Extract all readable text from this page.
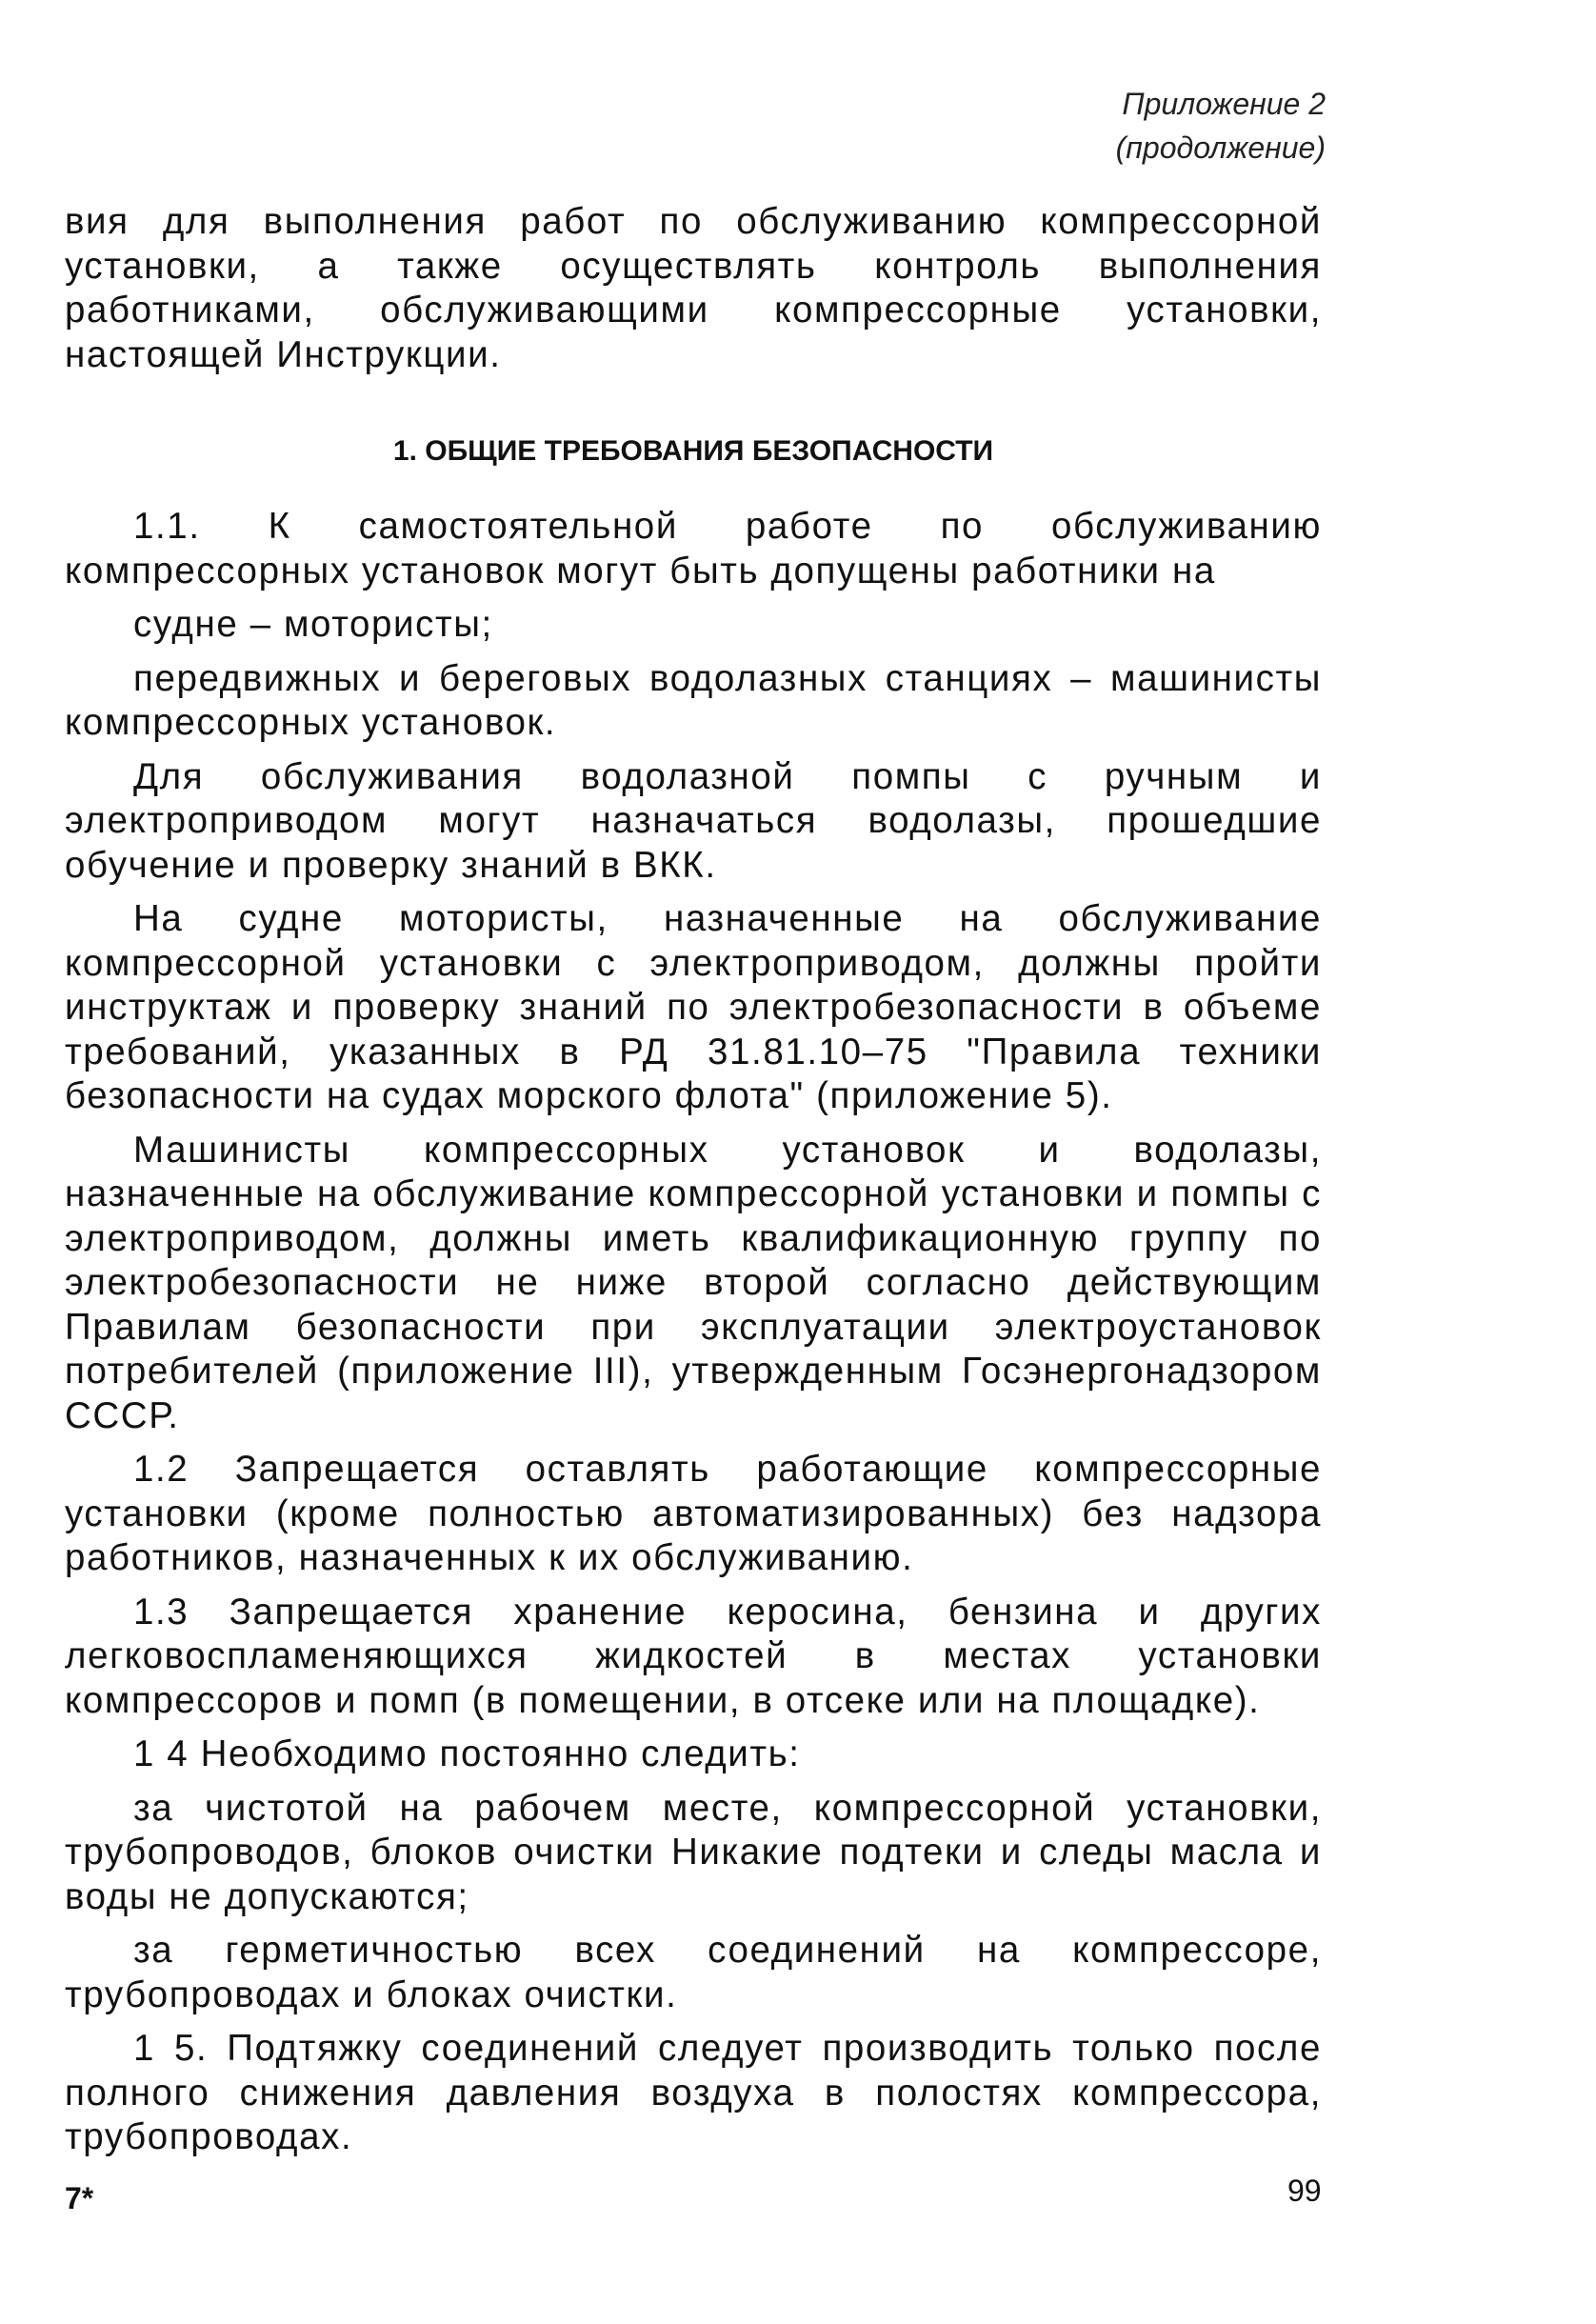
Приложение 2
(продолжение)

вия для выполнения работ по обслуживанию компрессорной установки, а также осуществлять контроль выполнения работниками, обслуживающими компрессорные установки, настоящей Инструкции.

1. ОБЩИЕ ТРЕБОВАНИЯ БЕЗОПАСНОСТИ

1.1. К самостоятельной работе по обслуживанию компрессорных установок могут быть допущены работники на

судне – мотористы;

передвижных и береговых водолазных станциях – машинисты компрессорных установок.

Для обслуживания водолазной помпы с ручным и электроприводом могут назначаться водолазы, прошедшие обучение и проверку знаний в ВКК.

На судне мотористы, назначенные на обслуживание компрессорной установки с электроприводом, должны пройти инструктаж и проверку знаний по электробезопасности в объеме требований, указанных в РД 31.81.10–75 "Правила техники безопасности на судах морского флота" (приложение 5).

Машинисты компрессорных установок и водолазы, назначенные на обслуживание компрессорной установки и помпы с электроприводом, должны иметь квалификационную группу по электробезопасности не ниже второй согласно действующим Правилам безопасности при эксплуатации электроустановок потребителей (приложение III), утвержденным Госэнергонадзором СССР.

1.2 Запрещается оставлять работающие компрессорные установки (кроме полностью автоматизированных) без надзора работников, назначенных к их обслуживанию.

1.3 Запрещается хранение керосина, бензина и других легковоспламеняющихся жидкостей в местах установки компрессоров и помп (в помещении, в отсеке или на площадке).

1 4 Необходимо постоянно следить:

за чистотой на рабочем месте, компрессорной установки, трубопроводов, блоков очистки Никакие подтеки и следы масла и воды не допускаются;

за герметичностью всех соединений на компрессоре, трубопроводах и блоках очистки.

1 5. Подтяжку соединений следует производить только после полного снижения давления воздуха в полостях компрессора, трубопроводах.

7*	99
